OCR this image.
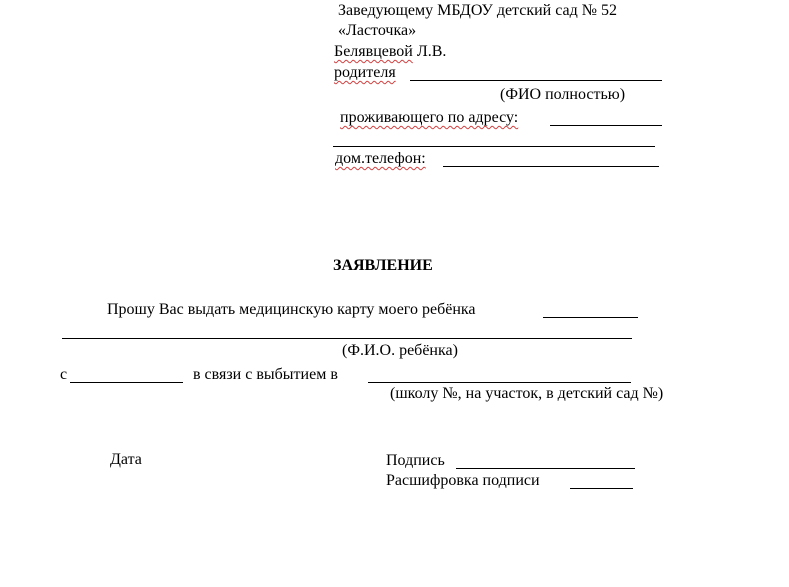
Заведующему МБДОУ детский сад № 52
«Ласточка»
Белявцевой Л.В.
родителя
(ФИО полностью)
проживающего по адресу:
дом.телефон:
ЗАЯВЛЕНИЕ
Прошу Вас выдать медицинскую карту моего ребёнка
(Ф.И.О. ребёнка)
с	в связи с выбытием в
(школу №, на участок, в детский сад №)
Дата	Подпись
Расшифровка подписи
